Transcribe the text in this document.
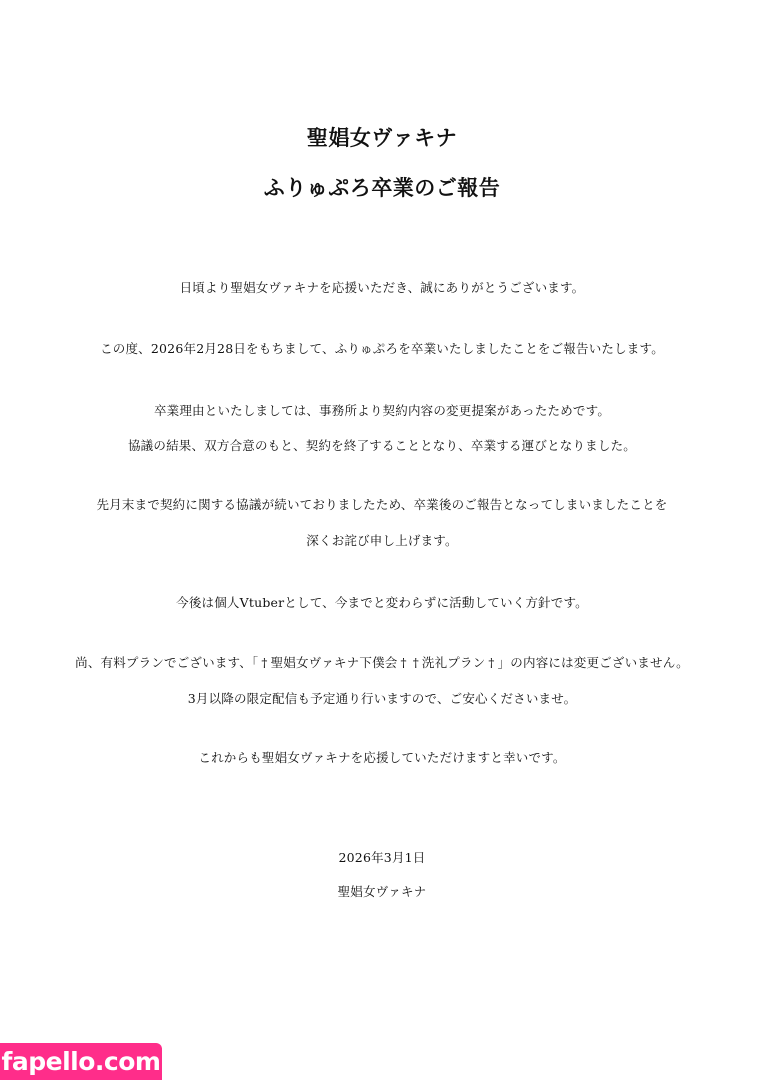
聖娼女ヴァキナ
ふりゅぷろ卒業のご報告
日頃より聖娼女ヴァキナを応援いただき、誠にありがとうございます。
この度、2026年2月28日をもちまして、ふりゅぷろを卒業いたしましたことをご報告いたします。
卒業理由といたしましては、事務所より契約内容の変更提案があったためです。
協議の結果、双方合意のもと、契約を終了することとなり、卒業する運びとなりました。
先月末まで契約に関する協議が続いておりましたため、卒業後のご報告となってしまいましたことを
深くお詫び申し上げます。
今後は個人Vtuberとして、今までと変わらずに活動していく方針です。
尚、有料プランでございます、「 † 聖娼女ヴァキナ下僕会 † † 洗礼プラン † 」の内容には変更ございません。
3月以降の限定配信も予定通り行いますので、ご安心くださいませ。
これからも聖娼女ヴァキナを応援していただけますと幸いです。
2026年3月1日
聖娼女ヴァキナ
fapello.com
